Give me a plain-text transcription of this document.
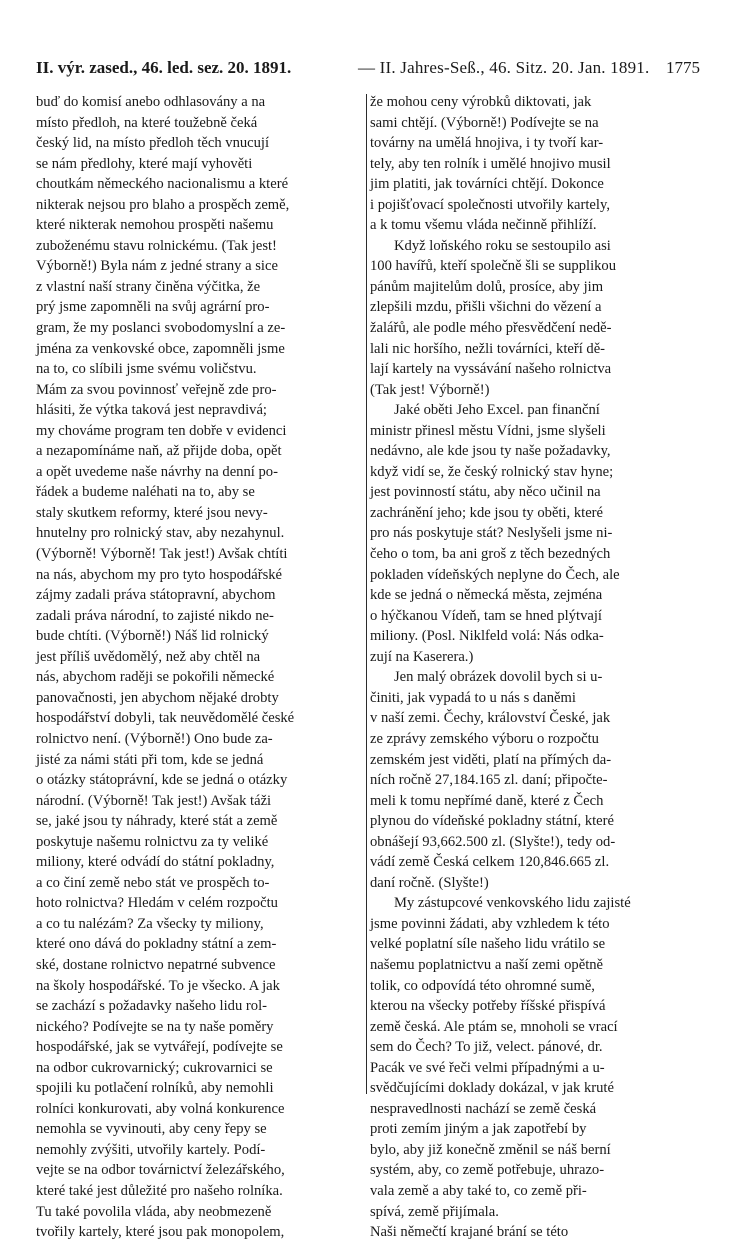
II. výr. zased., 46. led. sez. 20. 1891.	— II. Jahres-Seß., 46. Sitz. 20. Jan. 1891. 1775
buď do komisí anebo odhlasovány a na
místo předloh, na které toužebně čeká
český lid, na místo předloh těch vnucují
se nám předlohy, které mají vyhověti
choutkám německého nacionalismu a které
nikterak nejsou pro blaho a prospěch země,
které nikterak nemohou prospěti našemu
zuboženému stavu rolnickému. (Tak jest!
Výborně!) Byla nám z jedné strany a sice
z vlastní naší strany činěna výčitka, že
prý jsme zapomněli na svůj agrární pro-
gram, že my poslanci svobodomyslní a ze-
jména za venkovské obce, zapomněli jsme
na to, co slíbili jsme svému voličstvu.
Mám za svou povinnosť veřejně zde pro-
hlásiti, že výtka taková jest nepravdivá;
my chováme program ten dobře v evidenci
a nezapomínáme naň, až přijde doba, opět
a opět uvedeme naše návrhy na denní po-
řádek a budeme naléhati na to, aby se
staly skutkem reformy, které jsou nevy-
hnutelny pro rolnický stav, aby nezahynul.
(Výborně! Výborně! Tak jest!) Avšak chtíti
na nás, abychom my pro tyto hospodářské
zájmy zadali práva státopravní, abychom
zadali práva národní, to zajisté nikdo ne-
bude chtíti. (Výborně!) Náš lid rolnický
jest příliš uvědomělý, než aby chtěl na
nás, abychom raději se pokořili německé
panovačnosti, jen abychom nějaké drobty
hospodářství dobyli, tak neuvědomělé české
rolnictvo není. (Výborně!) Ono bude za-
jisté za námi státi při tom, kde se jedná
o otázky státoprávní, kde se jedná o otázky
národní. (Výborně! Tak jest!) Avšak táži
se, jaké jsou ty náhrady, které stát a země
poskytuje našemu rolnictvu za ty veliké
miliony, které odvádí do státní pokladny,
a co činí země nebo stát ve prospěch to-
hoto rolnictva? Hledám v celém rozpočtu
a co tu nalézám? Za všecky ty miliony,
které ono dává do pokladny státní a zem-
ské, dostane rolnictvo nepatrné subvence
na školy hospodářské. To je všecko. A jak
se zachází s požadavky našeho lidu rol-
nického? Podívejte se na ty naše poměry
hospodářské, jak se vytvářejí, podívejte se
na odbor cukrovarnický; cukrovarnici se
spojili ku potlačení rolníků, aby nemohli
rolníci konkurovati, aby volná konkurence
nemohla se vyvinouti, aby ceny řepy se
nemohly zvýšiti, utvořily kartely. Podí-
vejte se na odbor továrnictví železářského,
které také jest důležité pro našeho rolníka.
Tu také povolila vláda, aby neobmezeně
tvořily kartely, které jsou pak monopolem,
že mohou ceny výrobků diktovati, jak
sami chtějí. (Výborně!) Podívejte se na
továrny na umělá hnojiva, i ty tvoří kar-
tely, aby ten rolník i umělé hnojivo musil
jim platiti, jak továrníci chtějí. Dokonce
i pojišťovací společnosti utvořily kartely,
a k tomu všemu vláda nečinně přihlíží.
Když loňského roku se sestoupilo asi
100 havířů, kteří společně šli se supplikou
pánům majitelům dolů, prosíce, aby jim
zlepšili mzdu, přišli všichni do vězení a
žalářů, ale podle mého přesvědčení nedě-
lali nic horšího, nežli továrníci, kteří dě-
lají kartely na vyssávání našeho rolnictva
(Tak jest! Výborně!)
Jaké oběti Jeho Excel. pan finanční
ministr přinesl městu Vídni, jsme slyšeli
nedávno, ale kde jsou ty naše požadavky,
když vidí se, že český rolnický stav hyne;
jest povinností státu, aby něco učinil na
zachránění jeho; kde jsou ty oběti, které
pro nás poskytuje stát? Neslyšeli jsme ni-
čeho o tom, ba ani groš z těch bezedných
pokladen vídeňských neplyne do Čech, ale
kde se jedná o německá města, zejména
o hýčkanou Vídeň, tam se hned plýtvají
miliony. (Posl. Niklfeld volá: Nás odka-
zují na Kaserera.)
Jen malý obrázek dovolil bych si u-
činiti, jak vypadá to u nás s daněmi
v naší zemi. Čechy, království České, jak
ze zprávy zemského výboru o rozpočtu
zemském jest viděti, platí na přímých da-
ních ročně 27,184.165 zl. daní; připočte-
meli k tomu nepřímé daně, které z Čech
plynou do vídeňské pokladny státní, které
obnášejí 93,662.500 zl. (Slyšte!), tedy od-
vádí země Česká celkem 120,846.665 zl.
daní ročně. (Slyšte!)
My zástupcové venkovského lidu zajisté
jsme povinni žádati, aby vzhledem k této
velké poplatní síle našeho lidu vrátilo se
našemu poplatnictvu a naší zemi opětně
tolik, co odpovídá této ohromné sumě,
kterou na všecky potřeby říšské přispívá
země česká. Ale ptám se, mnoholi se vrací
sem do Čech? To již, velect. pánové, dr.
Pacák ve své řeči velmi případnými a u-
svědčujícími doklady dokázal, v jak kruté
nespravedlnosti nachází se země česká
proti zemím jiným a jak zapotřebí by
bylo, aby již konečně změnil se náš berní
systém, aby, co země potřebuje, uhrazo-
vala země a aby také to, co země při-
spívá, země přijímala.
Naši němečtí krajané brání se této
